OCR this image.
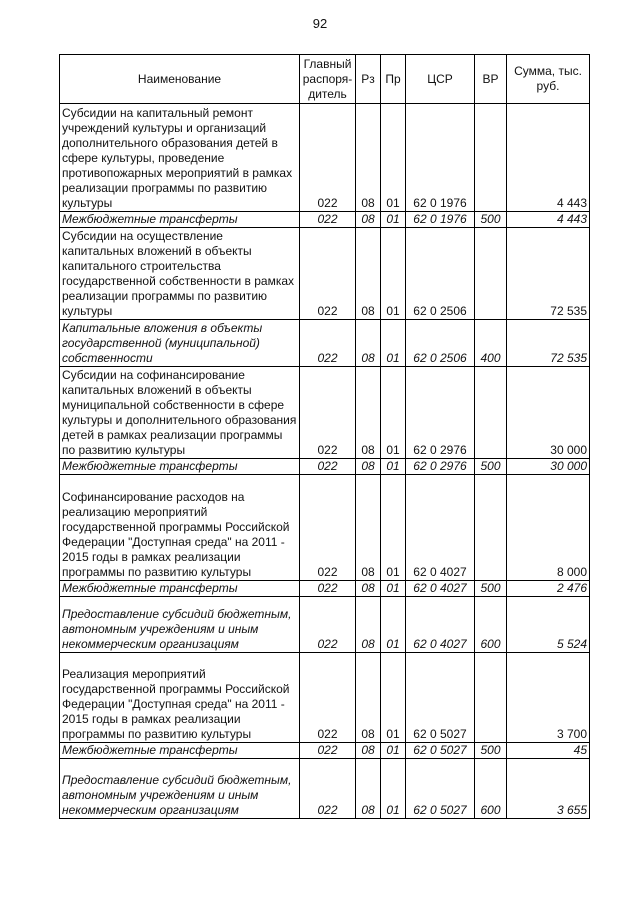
92
Наименование	Главный распоря-дитель	Рз	Пр	ЦСР	ВР	Сумма, тыс. руб.
Субсидии на капитальный ремонт учреждений культуры и организаций дополнительного образования детей в сфере культуры, проведение противопожарных мероприятий в рамках реализации программы по развитию культуры	022	08	01	62 0 1976		4 443
Межбюджетные трансферты	022	08	01	62 0 1976	500	4 443
Субсидии на осуществление капитальных вложений в объекты капитального строительства государственной собственности в рамках реализации программы по развитию культуры	022	08	01	62 0 2506		72 535
Капитальные вложения в объекты государственной (муниципальной) собственности	022	08	01	62 0 2506	400	72 535
Субсидии на софинансирование капитальных вложений в объекты муниципальной собственности в сфере культуры и дополнительного образования детей в рамках реализации программы по развитию культуры	022	08	01	62 0 2976		30 000
Межбюджетные трансферты	022	08	01	62 0 2976	500	30 000
Софинансирование расходов на реализацию мероприятий государственной программы Российской Федерации "Доступная среда" на 2011 - 2015 годы в рамках реализации программы по развитию культуры	022	08	01	62 0 4027		8 000
Межбюджетные трансферты	022	08	01	62 0 4027	500	2 476
Предоставление субсидий бюджетным, автономным учреждениям и иным некоммерческим организациям	022	08	01	62 0 4027	600	5 524
Реализация мероприятий государственной программы Российской Федерации "Доступная среда" на 2011 - 2015 годы в рамках реализации программы по развитию культуры	022	08	01	62 0 5027		3 700
Межбюджетные трансферты	022	08	01	62 0 5027	500	45
Предоставление субсидий бюджетным, автономным учреждениям и иным некоммерческим организациям	022	08	01	62 0 5027	600	3 655
